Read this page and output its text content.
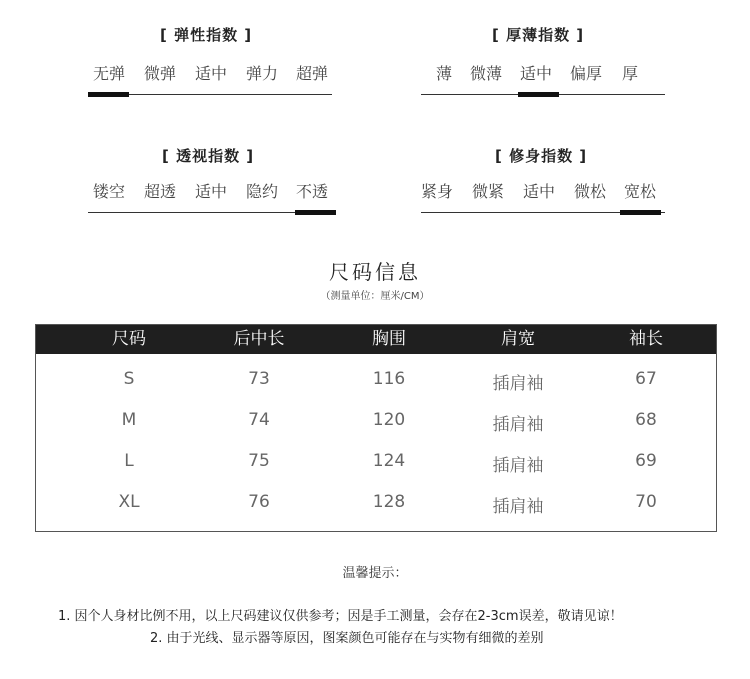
[ 弹性指数 ]
无弹 微弹 适中 弹力 超弹
[ 厚薄指数 ]
薄 微薄 适中 偏厚 厚
[ 透视指数 ]
镂空 超透 适中 隐约 不透
[ 修身指数 ]
紧身 微紧 适中 微松 宽松
尺码信息
（测量单位：厘米/CM）
尺码	后中长	胸围	肩宽	袖长
S	73	116	插肩袖	67
M	74	120	插肩袖	68
L	75	124	插肩袖	69
XL	76	128	插肩袖	70
温馨提示：
1. 因个人身材比例不用，以上尺码建议仅供参考；因是手工测量，会存在2-3cm误差，敬请见谅！
2. 由于光线、显示器等原因，图案颜色可能存在与实物有细微的差别
